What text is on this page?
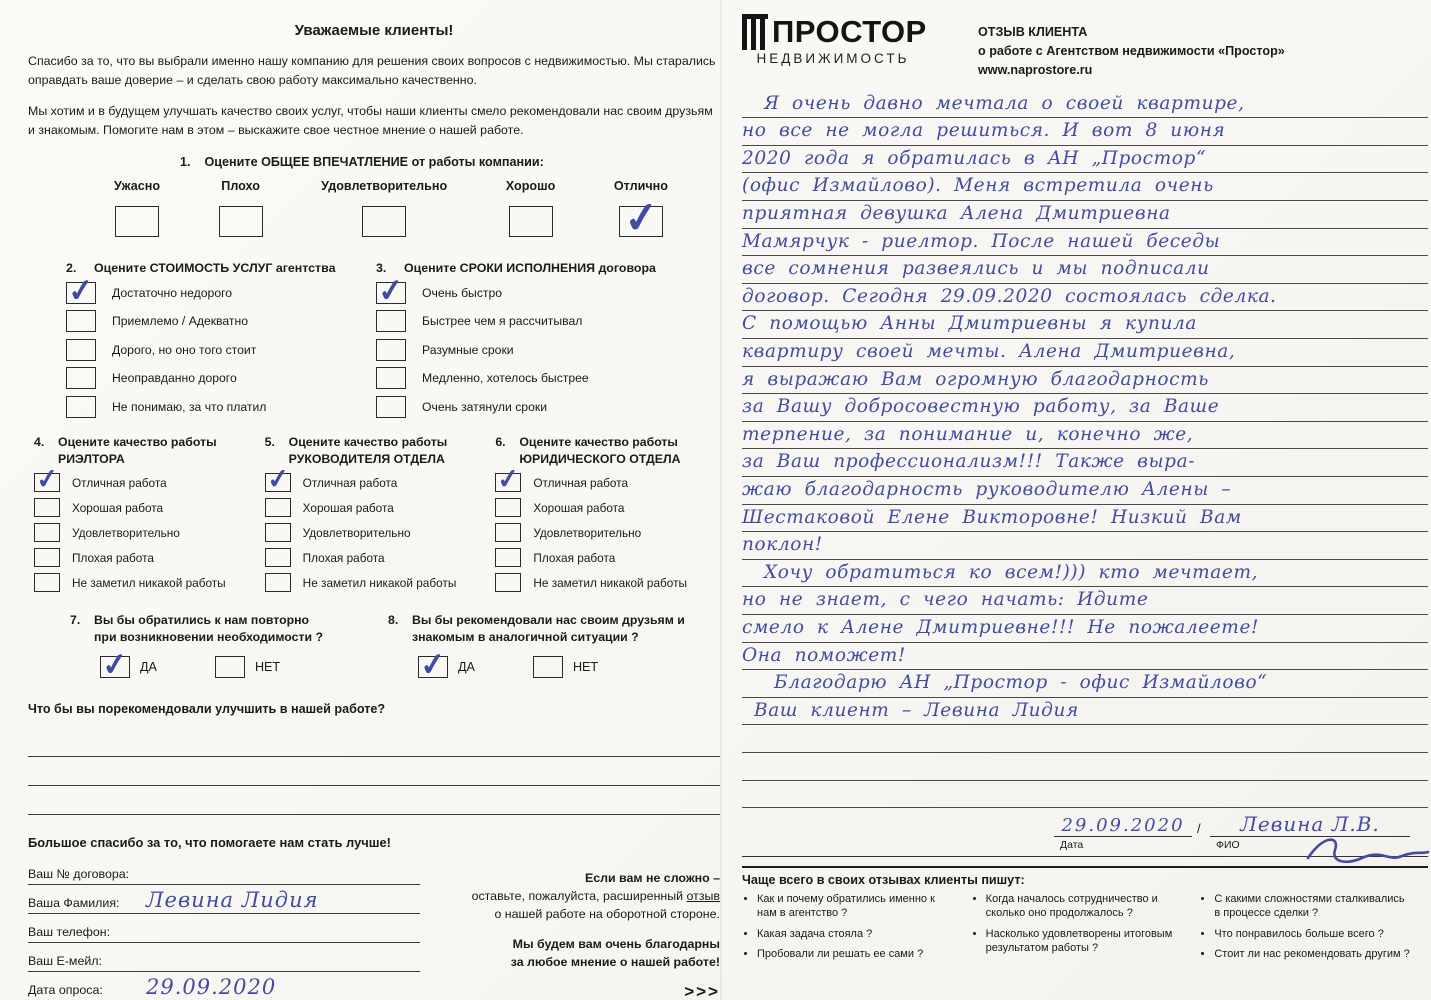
Уважаемые клиенты!

Спасибо за то, что вы выбрали именно нашу компанию для решения своих вопросов с недвижимостью. Мы старались оправдать ваше доверие – и сделать свою работу максимально качественно.

Мы хотим и в будущем улучшать качество своих услуг, чтобы наши клиенты смело рекомендовали нас своим друзьям и знакомым. Помогите нам в этом – выскажите свое честное мнение о нашей работе.

1. Оцените ОБЩЕЕ ВПЕЧАТЛЕНИЕ от работы компании:
Ужасно	Плохо	Удовлетворительно	Хорошо	Отлично
✓
2. Оцените СТОИМОСТЬ УСЛУГ агентства
✓ Достаточно недорого
Приемлемо / Адекватно
Дорого, но оно того стоит
Неоправданно дорого
Не понимаю, за что платил
3. Оцените СРОКИ ИСПОЛНЕНИЯ договора
✓ Очень быстро
Быстрее чем я рассчитывал
Разумные сроки
Медленно, хотелось быстрее
Очень затянули сроки
4.	Оцените качество работы
РИЭЛТОРА
✓ Отличная работа
Хорошая работа
Удовлетворительно
Плохая работа
Не заметил никакой работы
5.	Оцените качество работы
РУКОВОДИТЕЛЯ ОТДЕЛА
✓ Отличная работа
Хорошая работа
Удовлетворительно
Плохая работа
Не заметил никакой работы
6.	Оцените качество работы
ЮРИДИЧЕСКОГО ОТДЕЛА
✓ Отличная работа
Хорошая работа
Удовлетворительно
Плохая работа
Не заметил никакой работы
7.	Вы бы обратились к нам повторно
при возникновении необходимости ?
✓ ДА	НЕТ
8.	Вы бы рекомендовали нас своим друзьям и
знакомым в аналогичной ситуации ?
✓ ДА	НЕТ
Что бы вы порекомендовали улучшить в нашей работе?
Большое спасибо за то, что помогаете нам стать лучше!
Ваш № договора:
Ваша Фамилия: Левина Лидия
Ваш телефон:
Ваш Е-мейл:
Дата опроса: 29.09.2020
Если вам не сложно –
оставьте, пожалуйста, расширенный отзыв
о нашей работе на оборотной стороне.
Мы будем вам очень благодарны
за любое мнение о нашей работе!
>>>
ПРОСТОР
НЕДВИЖИМОСТЬ
ОТЗЫВ КЛИЕНТА
о работе с Агентством недвижимости «Простор»
www.naprostore.ru
Я очень давно мечтала о своей квартире,
но все не могла решиться. И вот 8 июня
2020 года я обратилась в АН „Простор“
(офис Измайлово). Меня встретила очень
приятная девушка Алена Дмитриевна
Мамярчук - риелтор. После нашей беседы
все сомнения развеялись и мы подписали
договор. Сегодня 29.09.2020 состоялась сделка.
С помощью Анны Дмитриевны я купила
квартиру своей мечты. Алена Дмитриевна,
я выражаю Вам огромную благодарность
за Вашу добросовестную работу, за Ваше
терпение, за понимание и, конечно же,
за Ваш профессионализм!!! Также выра-
жаю благодарность руководителю Алены –
Шестаковой Елене Викторовне! Низкий Вам
поклон!
Хочу обратиться ко всем!))) кто мечтает,
но не знает, с чего начать: Идите
смело к Алене Дмитриевне!!! Не пожалеете!
Она поможет!
Благодарю АН „Простор - офис Измайлово“
Ваш клиент – Левина Лидия
29.09.2020
Дата
/	Левина Л.В.
ФИО
Чаще всего в своих отзывах клиенты пишут:
• Как и почему обратились именно к нам в агентство ?
• Какая задача стояла ?
• Пробовали ли решать ее сами ?
• Когда началось сотрудничество и сколько оно продолжалось ?
• Насколько удовлетворены итоговым результатом работы ?
• С какими сложностями сталкивались в процессе сделки ?
• Что понравилось больше всего ?
• Стоит ли нас рекомендовать другим ?
